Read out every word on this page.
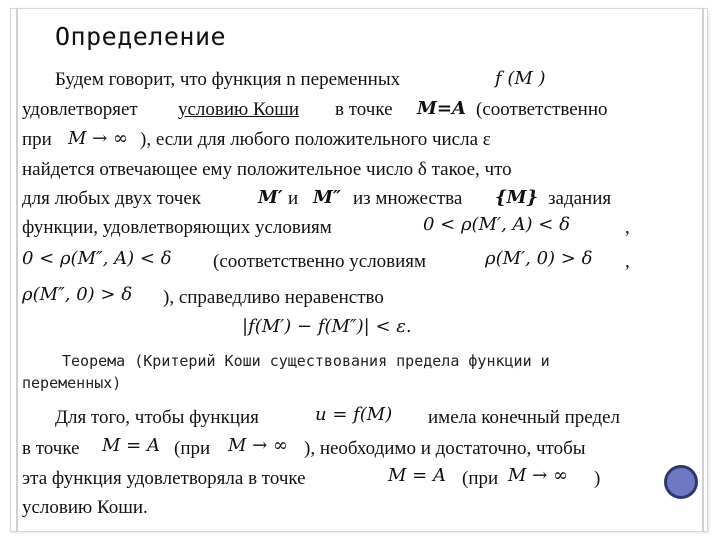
Определение
Будем говорит, что функция n переменных	f (M )
удовлетворяет условию Коши в точке M=A (соответственно
при M → ∞ ), если для любого положительного числа ε
найдется отвечающее ему положительное число δ такое, что
для любых двух точек	M′ и M″ из множества {M} задания
функции, удовлетворяющих условиям	0 < ρ(M′, A) < δ	,
0 < ρ(M″, A) < δ (соответственно условиям	ρ(M′, 0) > δ ,
ρ(M″, 0) > δ ), справедливо неравенство
|f(M′) − f(M″)| < ε.
Теорема (Критерий Коши существования предела функции и
переменных)
Для того, чтобы функция	u = f(M) имела конечный предел
в точке M = A (при M → ∞ ), необходимо и достаточно, чтобы
эта функция удовлетворяла в точке	M = A (при M → ∞ )
условию Коши.
